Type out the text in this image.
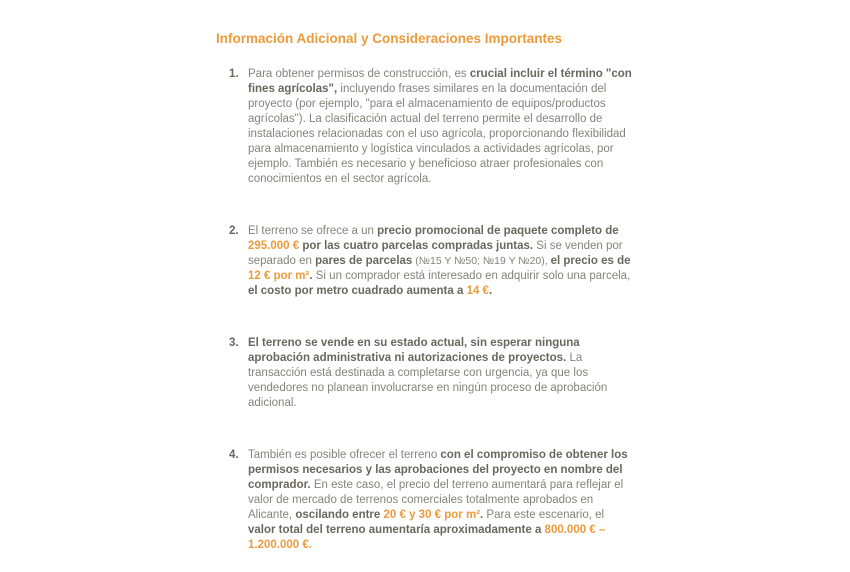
Información Adicional y Consideraciones Importantes
1. Para obtener permisos de construcción, es crucial incluir el término "con fines agrícolas", incluyendo frases similares en la documentación del proyecto (por ejemplo, "para el almacenamiento de equipos/productos agrícolas"). La clasificación actual del terreno permite el desarrollo de instalaciones relacionadas con el uso agrícola, proporcionando flexibilidad para almacenamiento y logística vinculados a actividades agrícolas, por ejemplo. También es necesario y beneficioso atraer profesionales con conocimientos en el sector agrícola.
2. El terreno se ofrece a un precio promocional de paquete completo de 295.000 € por las cuatro parcelas compradas juntas. Si se venden por separado en pares de parcelas (№15 Y №50; №19 Y №20), el precio es de 12 € por m². Si un comprador está interesado en adquirir solo una parcela, el costo por metro cuadrado aumenta a 14 €.
3. El terreno se vende en su estado actual, sin esperar ninguna aprobación administrativa ni autorizaciones de proyectos. La transacción está destinada a completarse con urgencia, ya que los vendedores no planean involucrarse en ningún proceso de aprobación adicional.
4. También es posible ofrecer el terreno con el compromiso de obtener los permisos necesarios y las aprobaciones del proyecto en nombre del comprador. En este caso, el precio del terreno aumentará para reflejar el valor de mercado de terrenos comerciales totalmente aprobados en Alicante, oscilando entre 20 € y 30 € por m². Para este escenario, el valor total del terreno aumentaría aproximadamente a 800.000 € – 1.200.000 €.
